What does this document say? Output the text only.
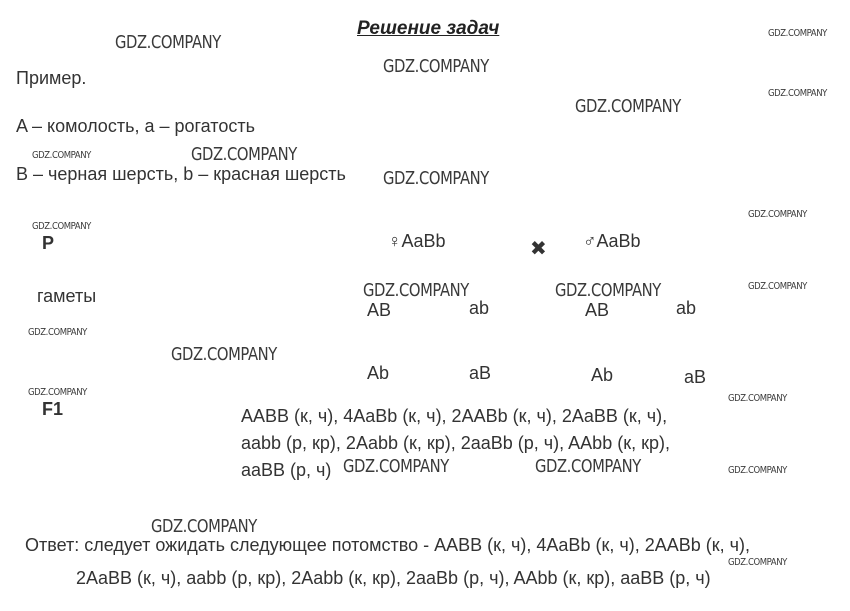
Решение задач
Пример.
A – комолость, a – рогатость
B – черная шерсть, b – красная шерсть
P	♀AaBb	✖ ♂AaBb
гаметы
AB	ab	AB	ab
Ab	aB	Ab	aB
F1	AABB (к, ч), 4AaBb (к, ч), 2AABb (к, ч), 2AaBB (к, ч),
aabb (р, кр), 2Aabb (к, кр), 2aaBb (р, ч), AAbb (к, кр),
aaBB (р, ч)
Ответ: следует ожидать следующее потомство - AABB (к, ч), 4AaBb (к, ч), 2AABb (к, ч),
2AaBB (к, ч), aabb (р, кр), 2Aabb (к, кр), 2aaBb (р, ч), AAbb (к, кр), aaBB (р, ч)
GDZ.COMPANY
GDZ.COMPANY
GDZ.COMPANY
GDZ.COMPANY
GDZ.COMPANY
GDZ.COMPANY	GDZ.COMPANY
GDZ.COMPANY
GDZ.COMPANY	GDZ.COMPANY
GDZ.COMPANY
GDZ.COMPANY
GDZ.COMPANY
GDZ.COMPANY
GDZ.COMPANY
GDZ.COMPANY
GDZ.COMPANY
GDZ.COMPANY
GDZ.COMPANY
GDZ.COMPANY
GDZ.COMPANY
GDZ.COMPANY
